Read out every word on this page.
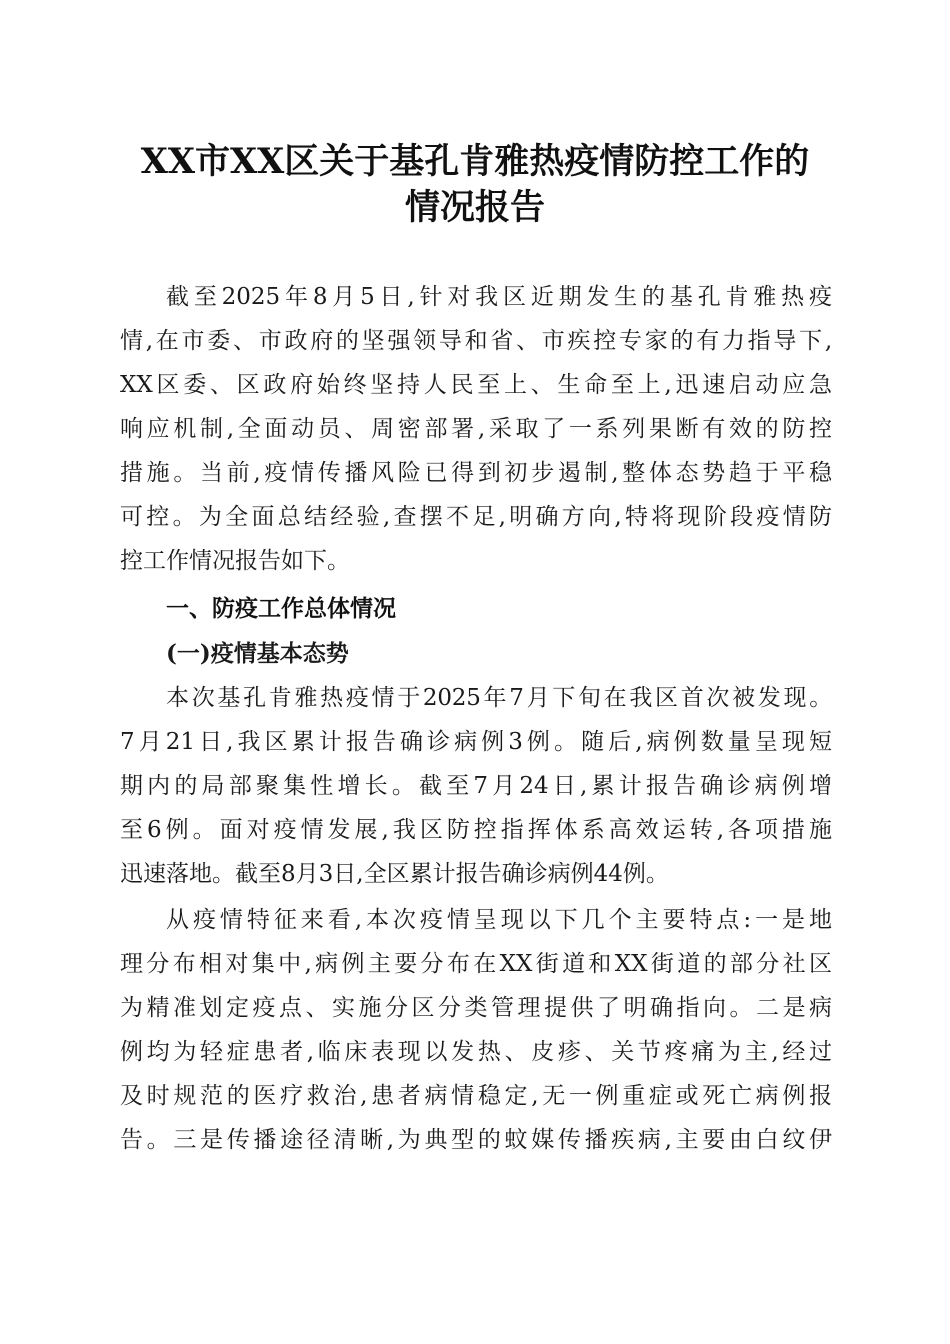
XX市XX区关于基孔肯雅热疫情防控工作的
情况报告

截至2025年8月5日,针对我区近期发生的基孔肯雅热疫

情,在市委、市政府的坚强领导和省、市疾控专家的有力指导下,

XX区委、区政府始终坚持人民至上、生命至上,迅速启动应急

响应机制,全面动员、周密部署,采取了一系列果断有效的防控

措施。当前,疫情传播风险已得到初步遏制,整体态势趋于平稳

可控。为全面总结经验,查摆不足,明确方向,特将现阶段疫情防

控工作情况报告如下。

一、防疫工作总体情况
(一)疫情基本态势

本次基孔肯雅热疫情于2025年7月下旬在我区首次被发现。

7月21日,我区累计报告确诊病例3例。随后,病例数量呈现短

期内的局部聚集性增长。截至7月24日,累计报告确诊病例增

至6例。面对疫情发展,我区防控指挥体系高效运转,各项措施

迅速落地。截至8月3日,全区累计报告确诊病例44例。

从疫情特征来看,本次疫情呈现以下几个主要特点:一是地

理分布相对集中,病例主要分布在XX街道和XX街道的部分社区

为精准划定疫点、实施分区分类管理提供了明确指向。二是病

例均为轻症患者,临床表现以发热、皮疹、关节疼痛为主,经过

及时规范的医疗救治,患者病情稳定,无一例重症或死亡病例报

告。三是传播途径清晰,为典型的蚊媒传播疾病,主要由白纹伊
